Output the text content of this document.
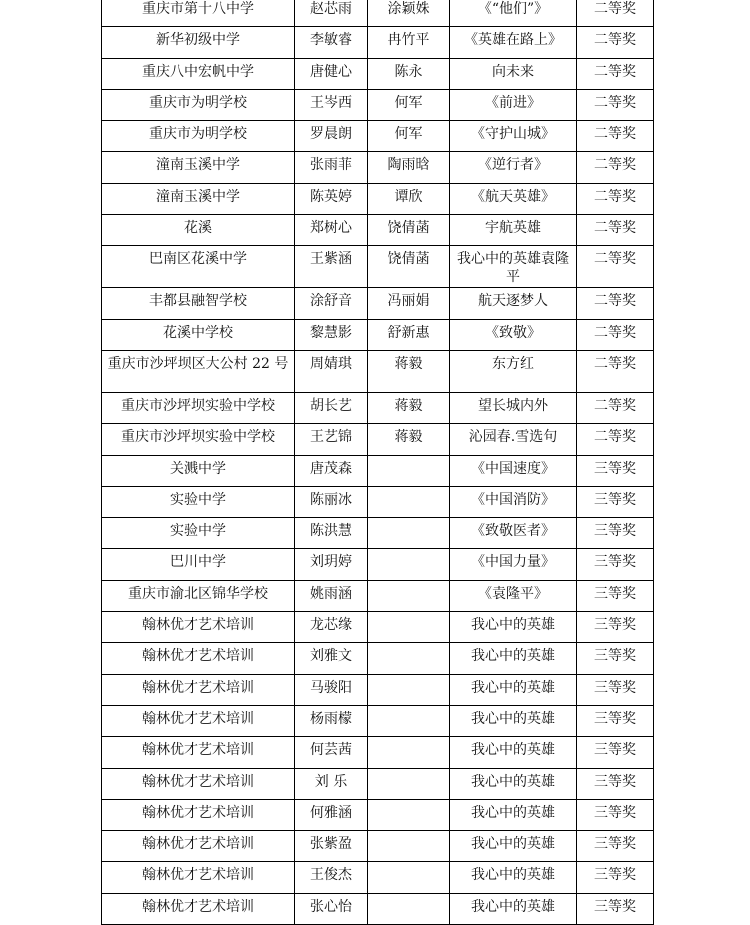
重庆市第十八中学	赵芯雨	涂颖姝	《“他们”》	二等奖
新华初级中学	李敏睿	冉竹平	《英雄在路上》	二等奖
重庆八中宏帆中学	唐健心	陈永	向未来	二等奖
重庆市为明学校	王岑西	何军	《前进》	二等奖
重庆市为明学校	罗晨朗	何军	《守护山城》	二等奖
潼南玉溪中学	张雨菲	陶雨晗	《逆行者》	二等奖
潼南玉溪中学	陈英婷	谭欣	《航天英雄》	二等奖
花溪	郑树心	饶倩菡	宇航英雄	二等奖
巴南区花溪中学	王紫涵	饶倩菡	我心中的英雄袁隆平	二等奖
丰都县融智学校	涂舒音	冯丽娟	航天逐梦人	二等奖
花溪中学校	黎慧影	舒新惠	《致敬》	二等奖
重庆市沙坪坝区大公村 22 号	周婧琪	蒋毅	东方红	二等奖
重庆市沙坪坝实验中学校	胡长艺	蒋毅	望长城内外	二等奖
重庆市沙坪坝实验中学校	王艺锦	蒋毅	沁园春.雪选句	二等奖
关溅中学	唐茂森		《中国速度》	三等奖
实验中学	陈丽冰		《中国消防》	三等奖
实验中学	陈洪慧		《致敬医者》	三等奖
巴川中学	刘玥婷		《中国力量》	三等奖
重庆市渝北区锦华学校	姚雨涵		《袁隆平》	三等奖
翰林优才艺术培训	龙芯缘		我心中的英雄	三等奖
翰林优才艺术培训	刘雅文		我心中的英雄	三等奖
翰林优才艺术培训	马骏阳		我心中的英雄	三等奖
翰林优才艺术培训	杨雨檬		我心中的英雄	三等奖
翰林优才艺术培训	何芸茜		我心中的英雄	三等奖
翰林优才艺术培训	刘 乐		我心中的英雄	三等奖
翰林优才艺术培训	何雅涵		我心中的英雄	三等奖
翰林优才艺术培训	张紫盈		我心中的英雄	三等奖
翰林优才艺术培训	王俊杰		我心中的英雄	三等奖
翰林优才艺术培训	张心怡		我心中的英雄	三等奖
